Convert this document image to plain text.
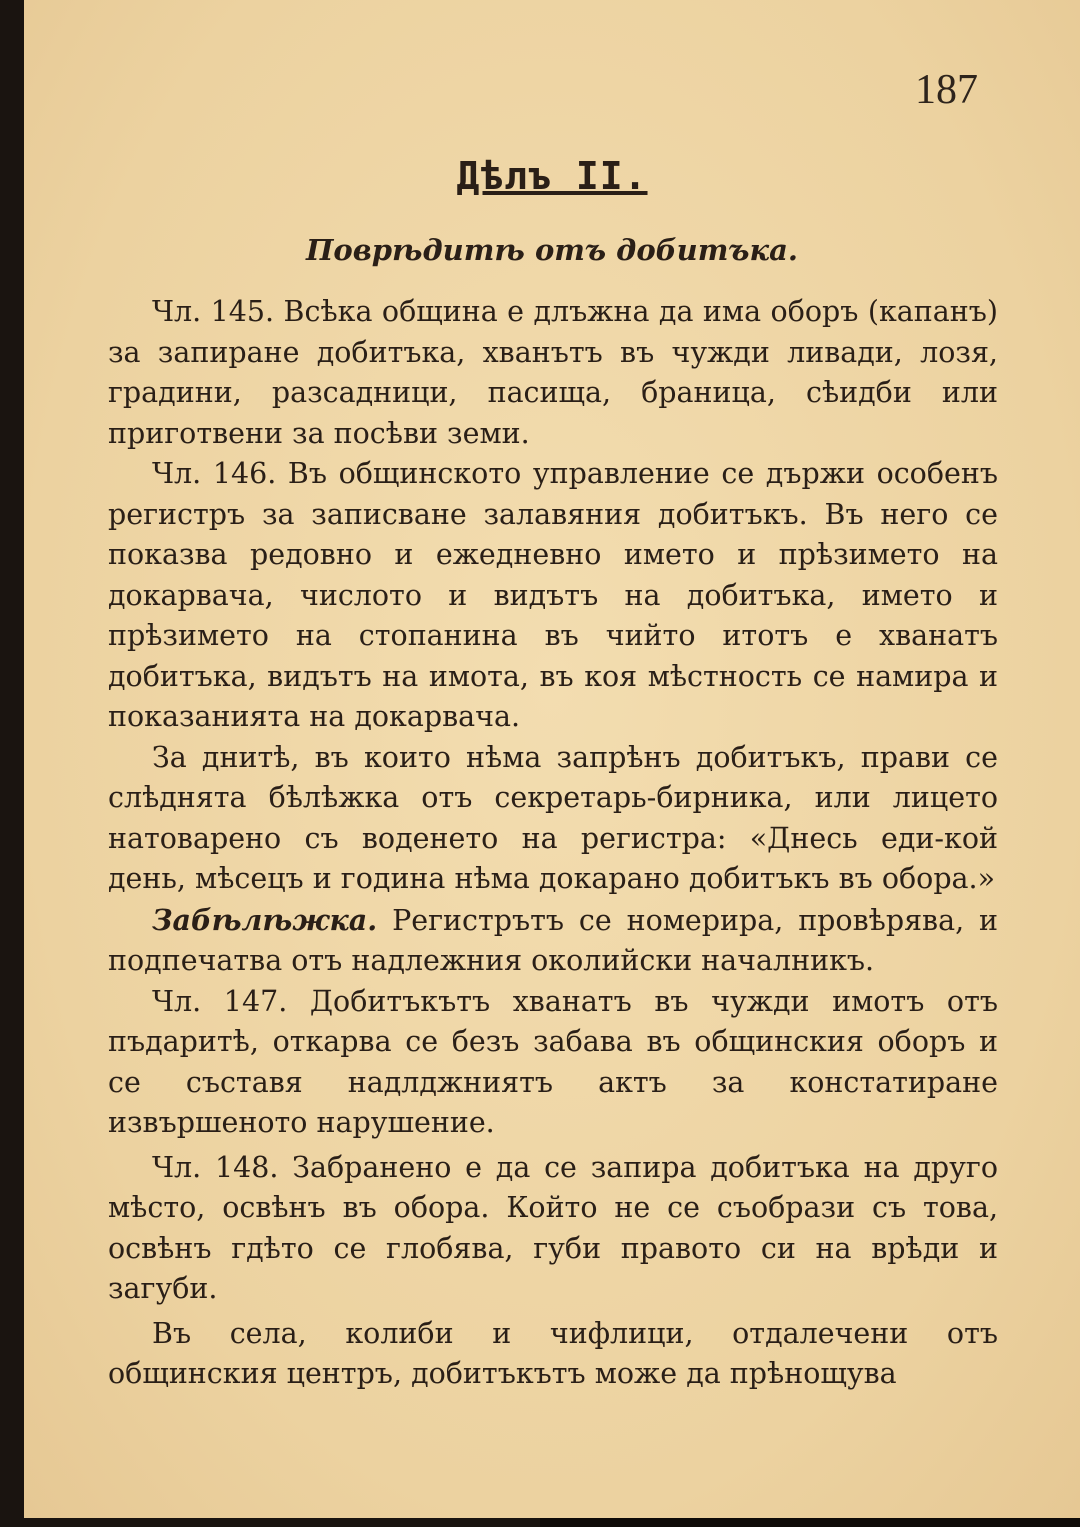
187
Дѣлъ II.
Поврѣдитѣ отъ добитъка.

Чл. 145. Всѣка община е длъжна да има оборъ (капанъ) за запиране добитъка, хванътъ въ чужди ливади, лозя, градини, разсадници, пасища, браница, сѣидби или приготвени за посѣви земи.

Чл. 146. Въ общинското управление се държи особенъ регистръ за записване залавяния добитъкъ. Въ него се показва редовно и ежедневно името и прѣзимето на докарвача, числото и видътъ на добитъка, името и прѣзимето на стопанина въ чийто итотъ е хванатъ добитъка, видътъ на имота, въ коя мѣстность се намира и показанията на докарвача.

За днитѣ, въ които нѣма запрѣнъ добитъкъ, прави се слѣднята бѣлѣжка отъ секретарь-бирника, или лицето натоварено съ воденето на регистра: «Днесь еди-кой день, мѣсецъ и година нѣма докарано добитъкъ въ обора.»

Забѣлѣжка. Регистрътъ се номерира, провѣрява, и подпечатва отъ надлежния околийски началникъ.

Чл. 147. Добитъкътъ хванатъ въ чужди имотъ отъ пъдаритѣ, откарва се безъ забава въ общинския оборъ и се съставя надлджниятъ актъ за констатиране извършеното нарушение.

Чл. 148. Забранено е да се запира добитъка на друго мѣсто, освѣнъ въ обора. Който не се съобрази съ това, освѣнъ гдѣто се глобява, губи правото си на врѣди и загуби.

Въ села, колиби и чифлици, отдалечени отъ общинския центръ, добитъкътъ може да прѣнощува
